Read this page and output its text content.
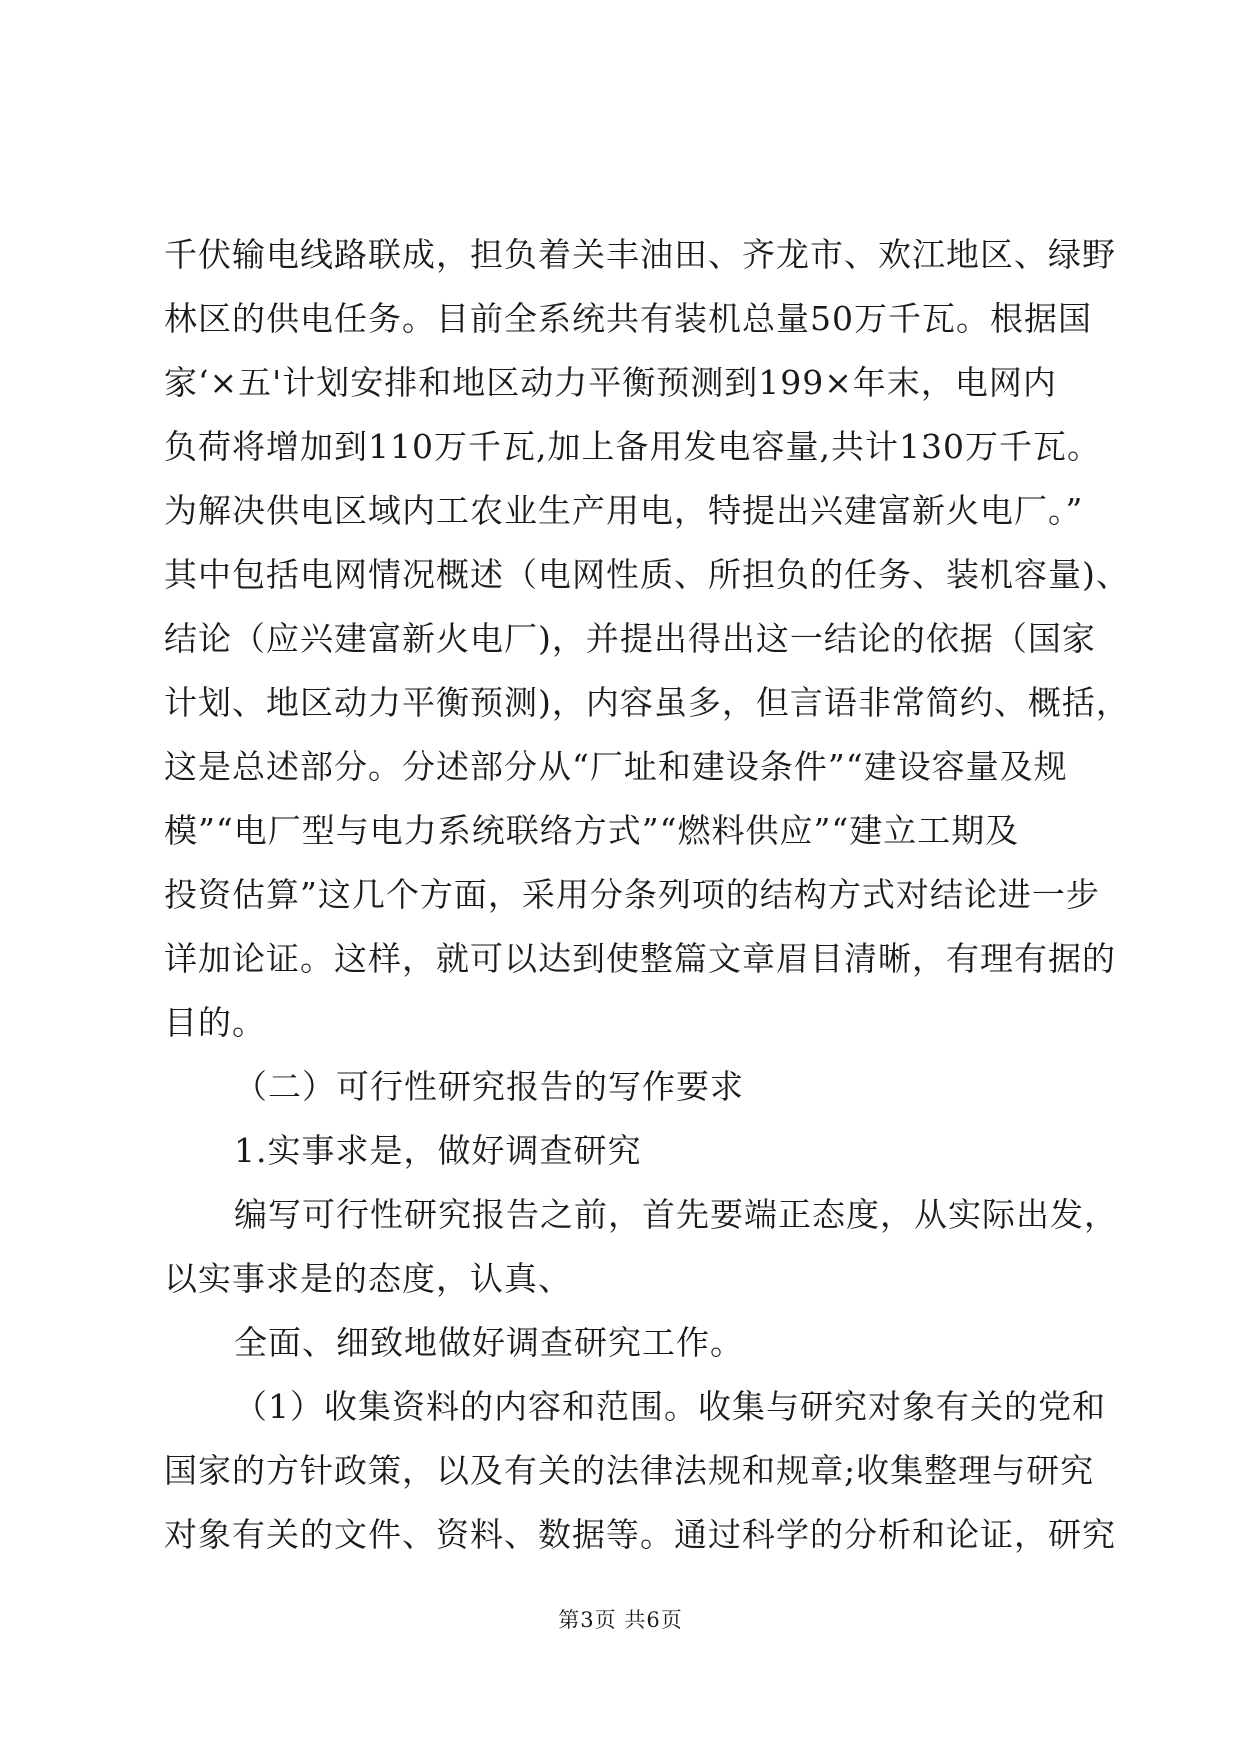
千伏输电线路联成，担负着关丰油田、齐龙市、欢江地区、绿野
林区的供电任务。目前全系统共有装机总量50万千瓦。根据国
家‘×五'计划安排和地区动力平衡预测到199×年末，电网内
负荷将增加到110万千瓦,加上备用发电容量,共计130万千瓦。
为解决供电区域内工农业生产用电，特提出兴建富新火电厂。”
其中包括电网情况概述（电网性质、所担负的任务、装机容量)、
结论（应兴建富新火电厂)，并提出得出这一结论的依据（国家
计划、地区动力平衡预测)，内容虽多，但言语非常简约、概括，
这是总述部分。分述部分从“厂址和建设条件”“建设容量及规
模”“电厂型与电力系统联络方式”“燃料供应”“建立工期及
投资估算”这几个方面，采用分条列项的结构方式对结论进一步
详加论证。这样，就可以达到使整篇文章眉目清晰，有理有据的
目的。
（二）可行性研究报告的写作要求
1.实事求是，做好调查研究
编写可行性研究报告之前，首先要端正态度，从实际出发，
以实事求是的态度，认真、
全面、细致地做好调查研究工作。
（1）收集资料的内容和范围。收集与研究对象有关的党和
国家的方针政策，以及有关的法律法规和规章;收集整理与研究
对象有关的文件、资料、数据等。通过科学的分析和论证，研究
第3页 共6页
